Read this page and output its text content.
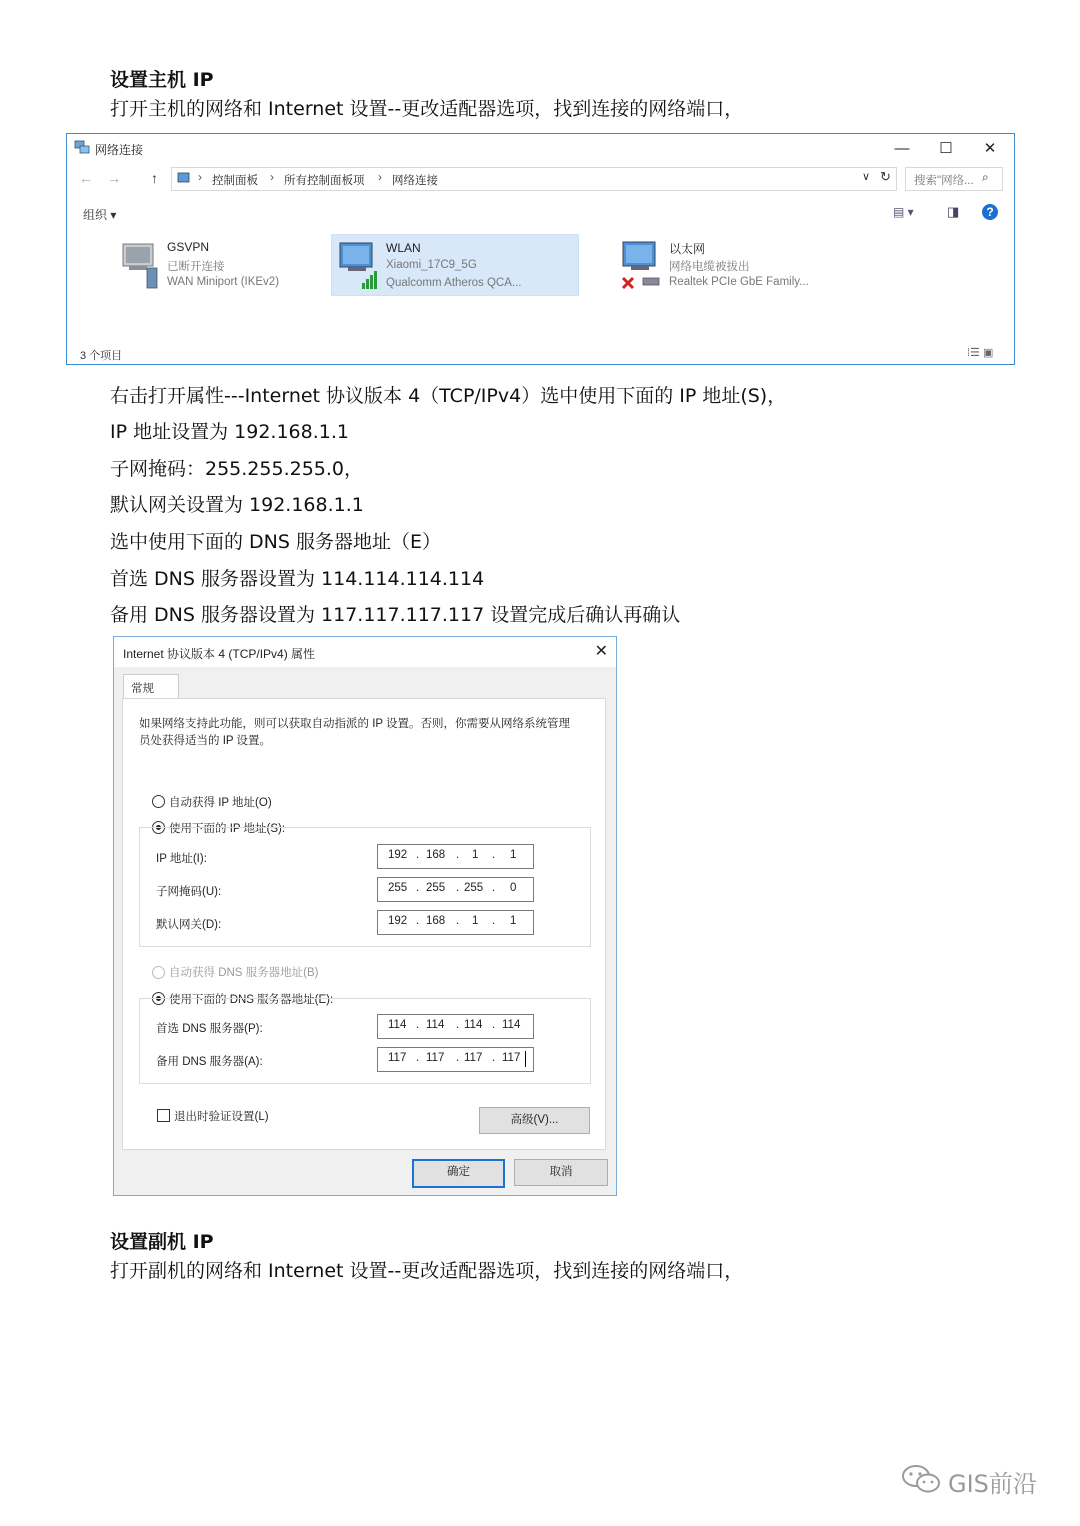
设置主机 IP
打开主机的网络和 Internet 设置--更改适配器选项，找到连接的网络端口，
网络连接	—	☐	✕
← → ↑	› 控制面板 › 所有控制面板项 › 网络连接	∨ ↻ 搜索"网络... ⌕
组织 ▾	▤ ▾	◨	?
GSVPN
已断开连接
WAN Miniport (IKEv2)
WLAN
Xiaomi_17C9_5G
Qualcomm Atheros QCA...
以太网
网络电缆被拔出
Realtek PCIe GbE Family...
3 个项目	⁞☰ ▣
右击打开属性---Internet 协议版本 4（TCP/IPv4）选中使用下面的 IP 地址(S)，
IP 地址设置为 192.168.1.1
子网掩码：255.255.255.0，
默认网关设置为 192.168.1.1
选中使用下面的 DNS 服务器地址（E）
首选 DNS 服务器设置为 114.114.114.114
备用 DNS 服务器设置为 117.117.117.117 设置完成后确认再确认
Internet 协议版本 4 (TCP/IPv4) 属性	✕
常规
如果网络支持此功能，则可以获取自动指派的 IP 设置。否则，你需要从网络系统管理员处获得适当的 IP 设置。
自动获得 IP 地址(O)
使用下面的 IP 地址(S):
IP 地址(I):	192 . 168 . 1 . 1
子网掩码(U):	255 . 255 . 255 . 0
默认网关(D):	192 . 168 . 1 . 1
自动获得 DNS 服务器地址(B)
使用下面的 DNS 服务器地址(E):
首选 DNS 服务器(P):	114 . 114 . 114 . 114
备用 DNS 服务器(A):	117 . 117 . 117 . 117
退出时验证设置(L)	高级(V)...
确定	取消
设置副机 IP
打开副机的网络和 Internet 设置--更改适配器选项，找到连接的网络端口，
GIS前沿
